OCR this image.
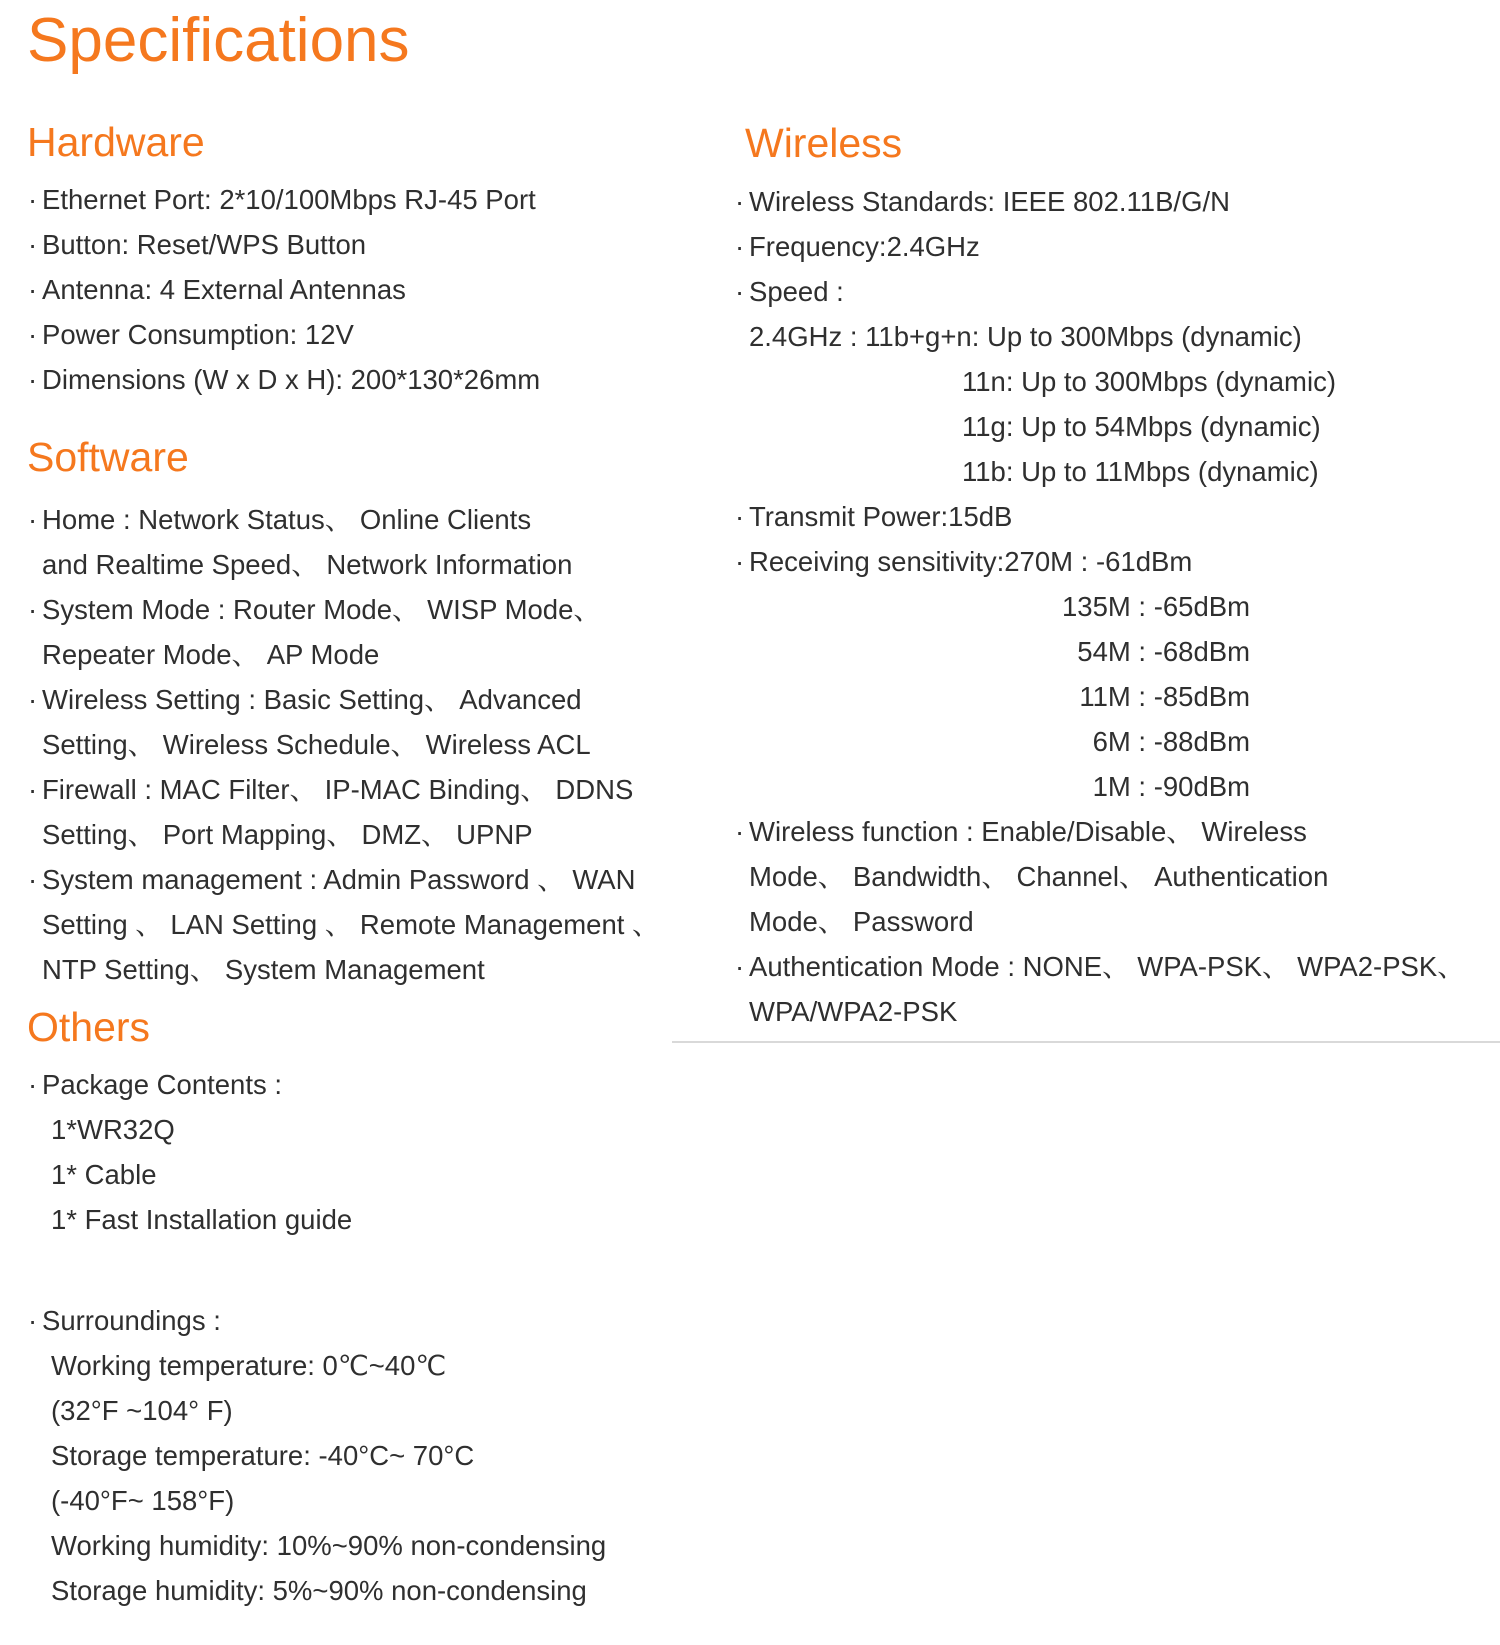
Specifications
Hardware
· Ethernet Port: 2*10/100Mbps RJ-45 Port
· Button: Reset/WPS Button
· Antenna: 4 External Antennas
· Power Consumption: 12V
· Dimensions (W x D x H): 200*130*26mm
Software
· Home : Network Status、 Online Clients
and Realtime Speed、 Network Information
· System Mode : Router Mode、 WISP Mode、
Repeater Mode、 AP Mode
· Wireless Setting : Basic Setting、 Advanced
Setting、 Wireless Schedule、 Wireless ACL
· Firewall : MAC Filter、 IP-MAC Binding、 DDNS
Setting、 Port Mapping、 DMZ、 UPNP
· System management : Admin Password 、 WAN
Setting 、 LAN Setting 、 Remote Management 、
NTP Setting、 System Management
Others
· Package Contents :
1*WR32Q
1* Cable
1* Fast Installation guide
· Surroundings :
Working temperature: 0℃~40℃
(32°F ~104° F)
Storage temperature: -40°C~ 70°C
(-40°F~ 158°F)
Working humidity: 10%~90% non-condensing
Storage humidity: 5%~90% non-condensing
Wireless
· Wireless Standards: IEEE 802.11B/G/N
· Frequency:2.4GHz
· Speed :
2.4GHz : 11b+g+n: Up to 300Mbps (dynamic)
11n: Up to 300Mbps (dynamic)
11g: Up to 54Mbps (dynamic)
11b: Up to 11Mbps (dynamic)
· Transmit Power:15dB
· Receiving sensitivity:270M : -61dBm
135M : -65dBm
54M : -68dBm
11M : -85dBm
6M : -88dBm
1M : -90dBm
· Wireless function : Enable/Disable、 Wireless
Mode、 Bandwidth、 Channel、 Authentication
Mode、 Password
· Authentication Mode : NONE、 WPA-PSK、 WPA2-PSK、
WPA/WPA2-PSK
